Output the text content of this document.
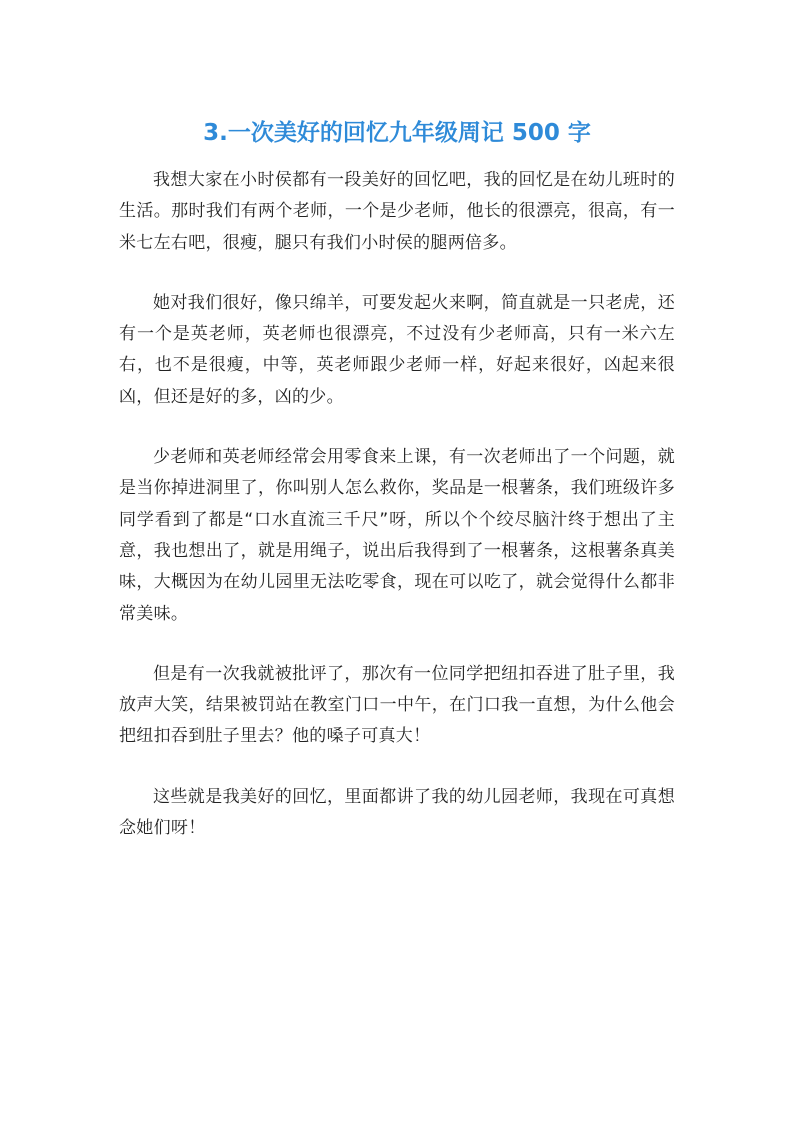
3.一次美好的回忆九年级周记 500 字

我想大家在小时侯都有一段美好的回忆吧，我的回忆是在幼儿班时的生活。那时我们有两个老师，一个是少老师，他长的很漂亮，很高，有一米七左右吧，很瘦，腿只有我们小时侯的腿两倍多。

她对我们很好，像只绵羊，可要发起火来啊，简直就是一只老虎，还有一个是英老师，英老师也很漂亮，不过没有少老师高，只有一米六左右，也不是很瘦，中等，英老师跟少老师一样，好起来很好，凶起来很凶，但还是好的多，凶的少。

少老师和英老师经常会用零食来上课，有一次老师出了一个问题，就是当你掉进洞里了，你叫别人怎么救你，奖品是一根薯条，我们班级许多同学看到了都是“口水直流三千尺”呀，所以个个绞尽脑汁终于想出了主意，我也想出了，就是用绳子，说出后我得到了一根薯条，这根薯条真美味，大概因为在幼儿园里无法吃零食，现在可以吃了，就会觉得什么都非常美味。

但是有一次我就被批评了，那次有一位同学把纽扣吞进了肚子里，我放声大笑，结果被罚站在教室门口一中午，在门口我一直想，为什么他会把纽扣吞到肚子里去？他的嗓子可真大！

这些就是我美好的回忆，里面都讲了我的幼儿园老师，我现在可真想念她们呀！
